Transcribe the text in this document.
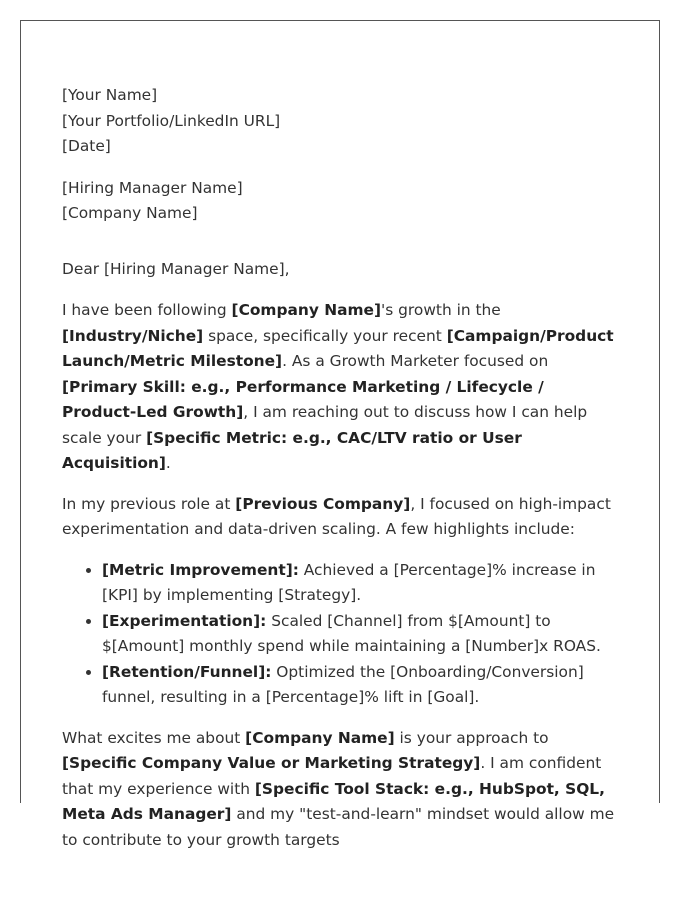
[Your Name]
[Your Portfolio/LinkedIn URL]
[Date]
[Hiring Manager Name]
[Company Name]
Dear [Hiring Manager Name],

I have been following [Company Name]'s growth in the [Industry/Niche] space, specifically your recent [Campaign/Product Launch/Metric Milestone]. As a Growth Marketer focused on [Primary Skill: e.g., Performance Marketing / Lifecycle / Product-Led Growth], I am reaching out to discuss how I can help scale your [Specific Metric: e.g., CAC/LTV ratio or User Acquisition].

In my previous role at [Previous Company], I focused on high-impact experimentation and data-driven scaling. A few highlights include:

• [Metric Improvement]: Achieved a [Percentage]% increase in [KPI] by implementing [Strategy].
• [Experimentation]: Scaled [Channel] from $[Amount] to $[Amount] monthly spend while maintaining a [Number]x ROAS.
• [Retention/Funnel]: Optimized the [Onboarding/Conversion] funnel, resulting in a [Percentage]% lift in [Goal].

What excites me about [Company Name] is your approach to [Specific Company Value or Marketing Strategy]. I am confident that my experience with [Specific Tool Stack: e.g., HubSpot, SQL, Meta Ads Manager] and my "test-and-learn" mindset would allow me to contribute to your growth targets
